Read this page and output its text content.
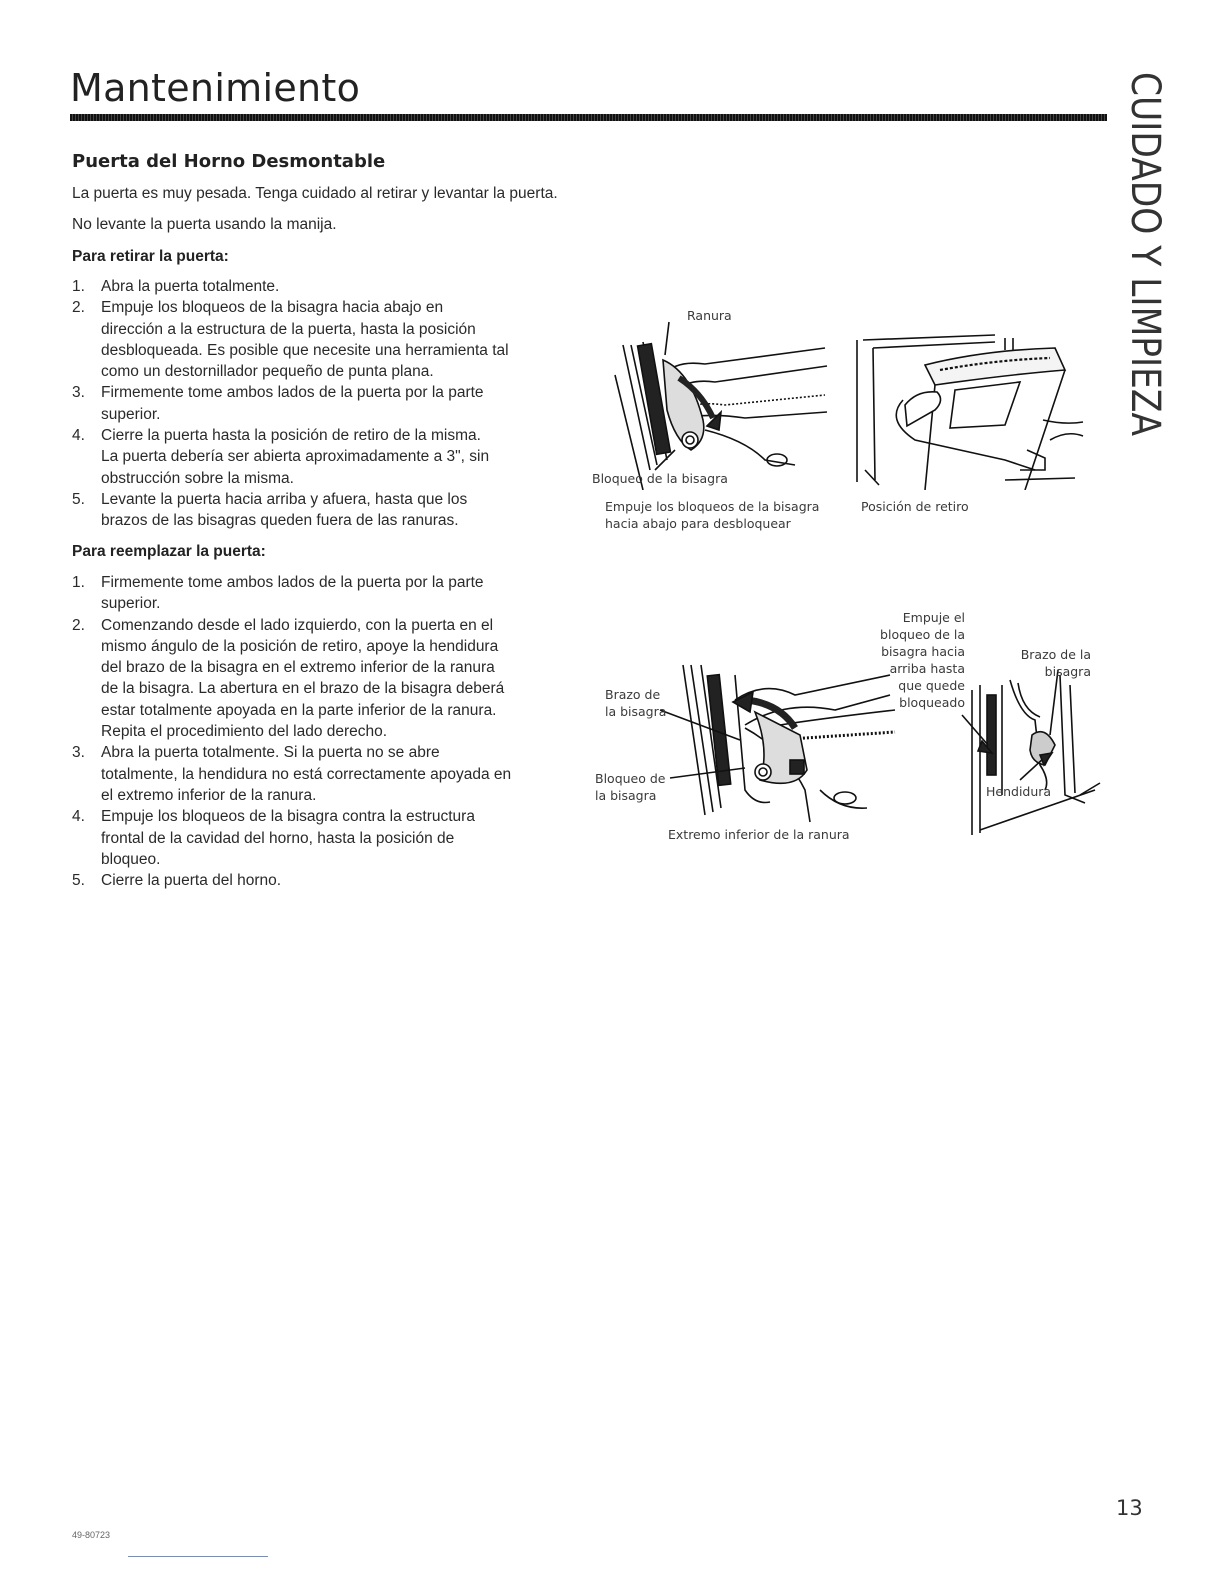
Mantenimiento	CUIDADO Y LIMPIEZA
Puerta del Horno Desmontable

La puerta es muy pesada. Tenga cuidado al retirar y levantar la puerta.

No levante la puerta usando la manija.

Para retirar la puerta:

1. Abra la puerta totalmente.
2. Empuje los bloqueos de la bisagra hacia abajo en
dirección a la estructura de la puerta, hasta la posición
desbloqueada. Es posible que necesite una herramienta tal
como un destornillador pequeño de punta plana.
3. Firmemente tome ambos lados de la puerta por la parte
superior.
4. Cierre la puerta hasta la posición de retiro de la misma.
La puerta debería ser abierta aproximadamente a 3", sin
obstrucción sobre la misma.
5. Levante la puerta hacia arriba y afuera, hasta que los
brazos de las bisagras queden fuera de las ranuras.

Para reemplazar la puerta:

1. Firmemente tome ambos lados de la puerta por la parte
superior.
2. Comenzando desde el lado izquierdo, con la puerta en el
mismo ángulo de la posición de retiro, apoye la hendidura
del brazo de la bisagra en el extremo inferior de la ranura
de la bisagra. La abertura en el brazo de la bisagra deberá
estar totalmente apoyada en la parte inferior de la ranura.
Repita el procedimiento del lado derecho.
3. Abra la puerta totalmente. Si la puerta no se abre
totalmente, la hendidura no está correctamente apoyada en
el extremo inferior de la ranura.
4. Empuje los bloqueos de la bisagra contra la estructura
frontal de la cavidad del horno, hasta la posición de
bloqueo.
5. Cierre la puerta del horno.
Ranura
Bloqueo de la bisagra
Empuje los bloqueos de la bisagra
hacia abajo para desbloquear
Posición de retiro
Brazo de
la bisagra
Bloqueo de
la bisagra
Extremo inferior de la ranura
Empuje el
bloqueo de la
bisagra hacia
arriba hasta
que quede
bloqueado
Brazo de la
bisagra
Hendidura
49-80723
13
